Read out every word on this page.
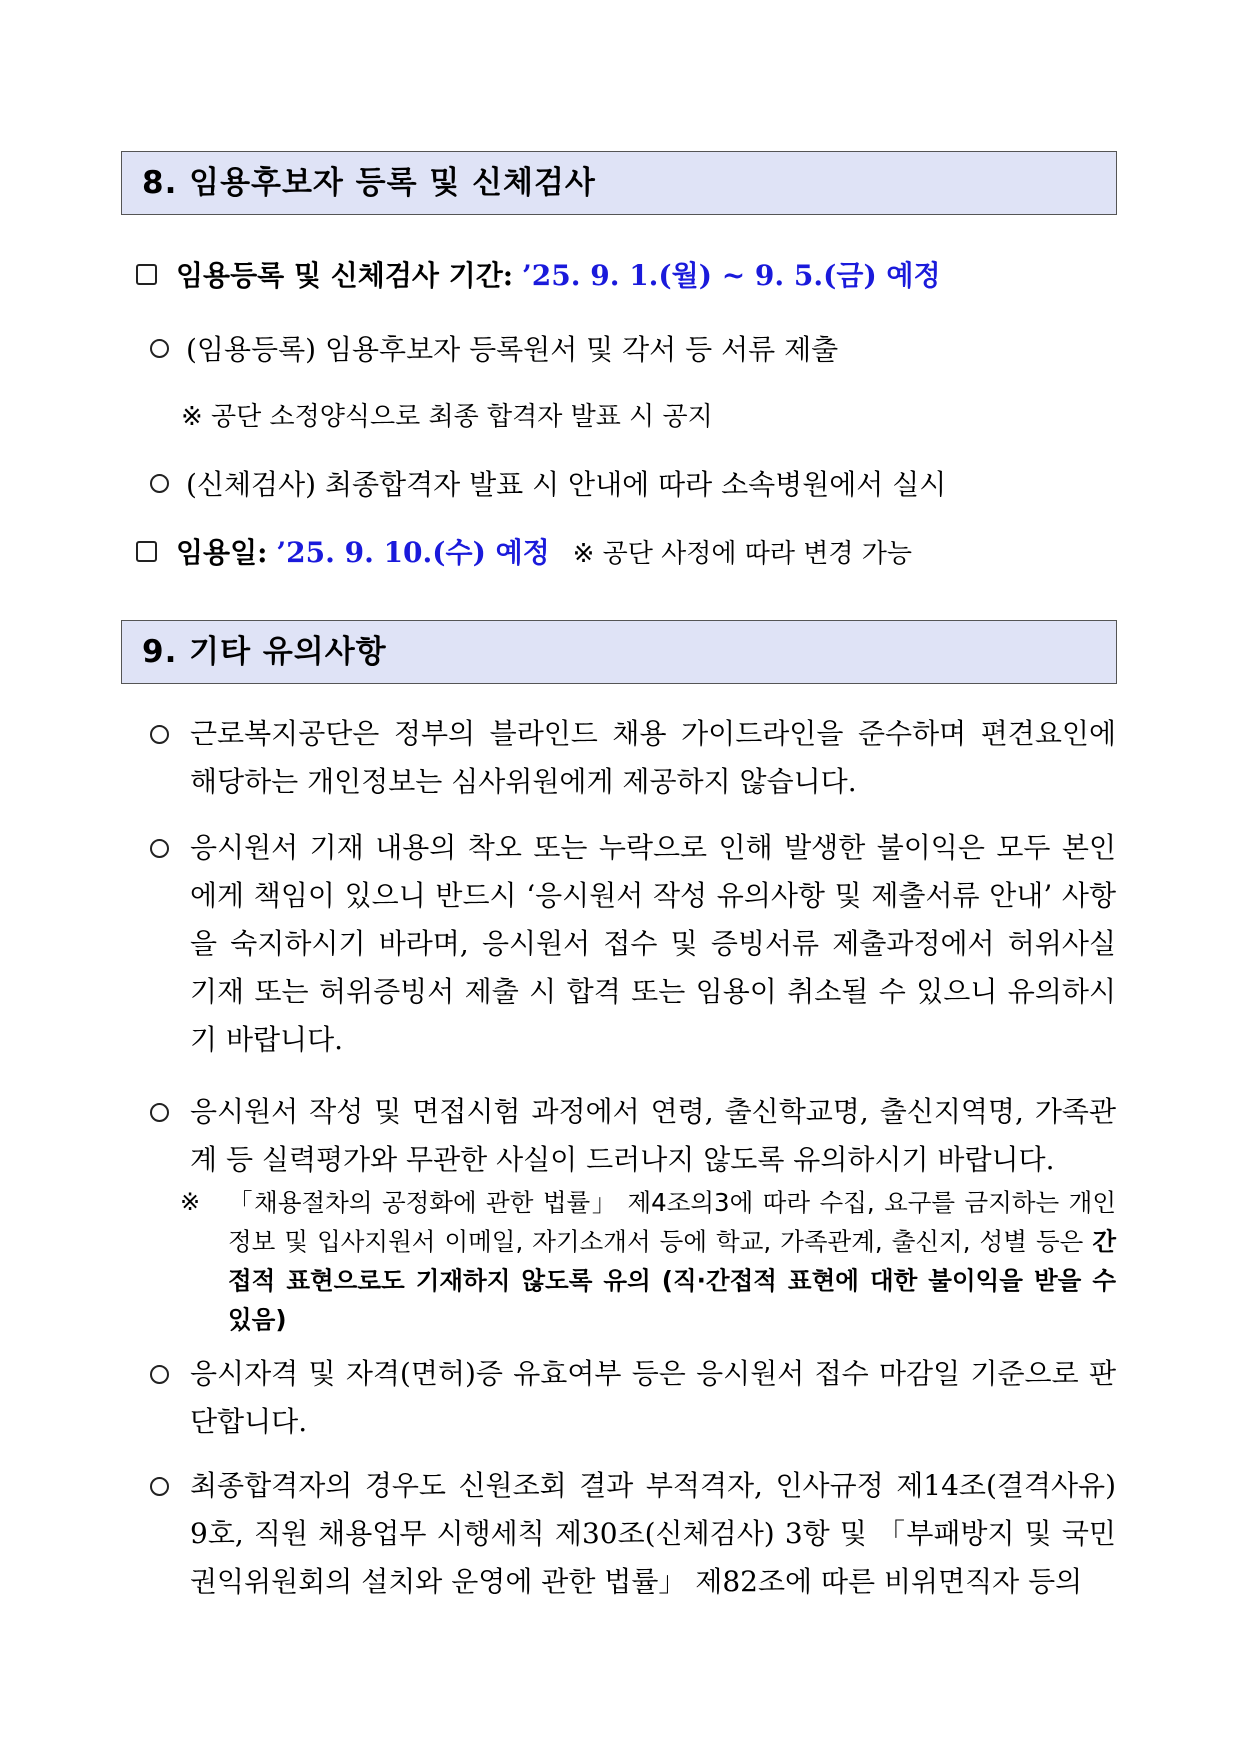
8. 임용후보자 등록 및 신체검사
임용등록 및 신체검사 기간: ’25. 9. 1.(월) ~ 9. 5.(금) 예정
(임용등록) 임용후보자 등록원서 및 각서 등 서류 제출
※ 공단 소정양식으로 최종 합격자 발표 시 공지
(신체검사) 최종합격자 발표 시 안내에 따라 소속병원에서 실시
임용일: ’25. 9. 10.(수) 예정 ※ 공단 사정에 따라 변경 가능
9. 기타 유의사항
근로복지공단은 정부의 블라인드 채용 가이드라인을 준수하며 편견요인에 해당하는 개인정보는 심사위원에게 제공하지 않습니다.
응시원서 기재 내용의 착오 또는 누락으로 인해 발생한 불이익은 모두 본인에게 책임이 있으니 반드시 ‘응시원서 작성 유의사항 및 제출서류 안내’ 사항을 숙지하시기 바라며, 응시원서 접수 및 증빙서류 제출과정에서 허위사실 기재 또는 허위증빙서 제출 시 합격 또는 임용이 취소될 수 있으니 유의하시기 바랍니다.
응시원서 작성 및 면접시험 과정에서 연령, 출신학교명, 출신지역명, 가족관계 등 실력평가와 무관한 사실이 드러나지 않도록 유의하시기 바랍니다.
※ 「채용절차의 공정화에 관한 법률」 제4조의3에 따라 수집, 요구를 금지하는 개인정보 및 입사지원서 이메일, 자기소개서 등에 학교, 가족관계, 출신지, 성별 등은 간접적 표현으로도 기재하지 않도록 유의 (직·간접적 표현에 대한 불이익을 받을 수 있음)
응시자격 및 자격(면허)증 유효여부 등은 응시원서 접수 마감일 기준으로 판단합니다.
최종합격자의 경우도 신원조회 결과 부적격자, 인사규정 제14조(결격사유) 9호, 직원 채용업무 시행세칙 제30조(신체검사) 3항 및 「부패방지 및 국민권익위원회의 설치와 운영에 관한 법률」 제82조에 따른 비위면직자 등의
